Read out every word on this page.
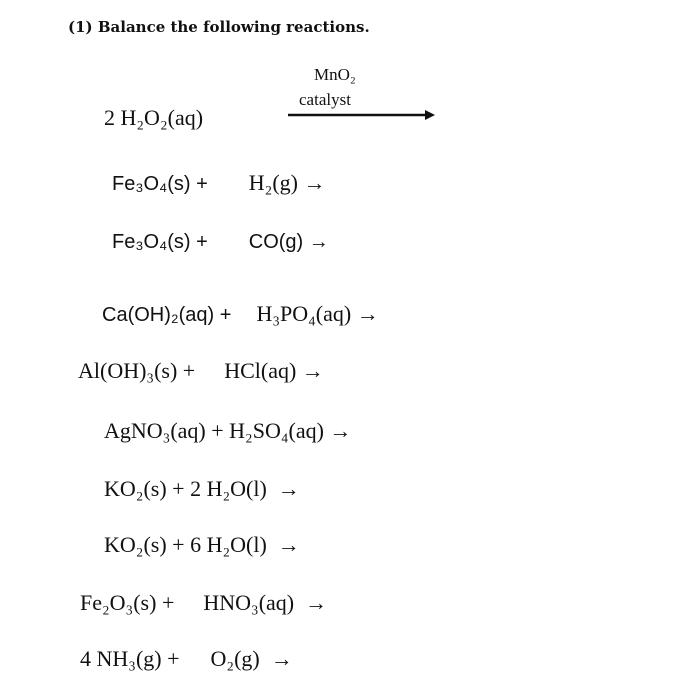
(1) Balance the following reactions.
2 H₂O₂(aq)
MnO₂
catalyst
Fe₃O₄(s) + H₂(g) →
Fe₃O₄(s) + CO(g) →
Ca(OH)₂(aq) + H₃PO₄(aq) →
Al(OH)₃(s) + HCl(aq) →
AgNO₃(aq) + H₂SO₄(aq) →
KO₂(s) + 2 H₂O(l)  →
KO₂(s) + 6 H₂O(l)  →
Fe₂O₃(s) + HNO₃(aq)  →
4 NH₃(g) + O₂(g)  →
